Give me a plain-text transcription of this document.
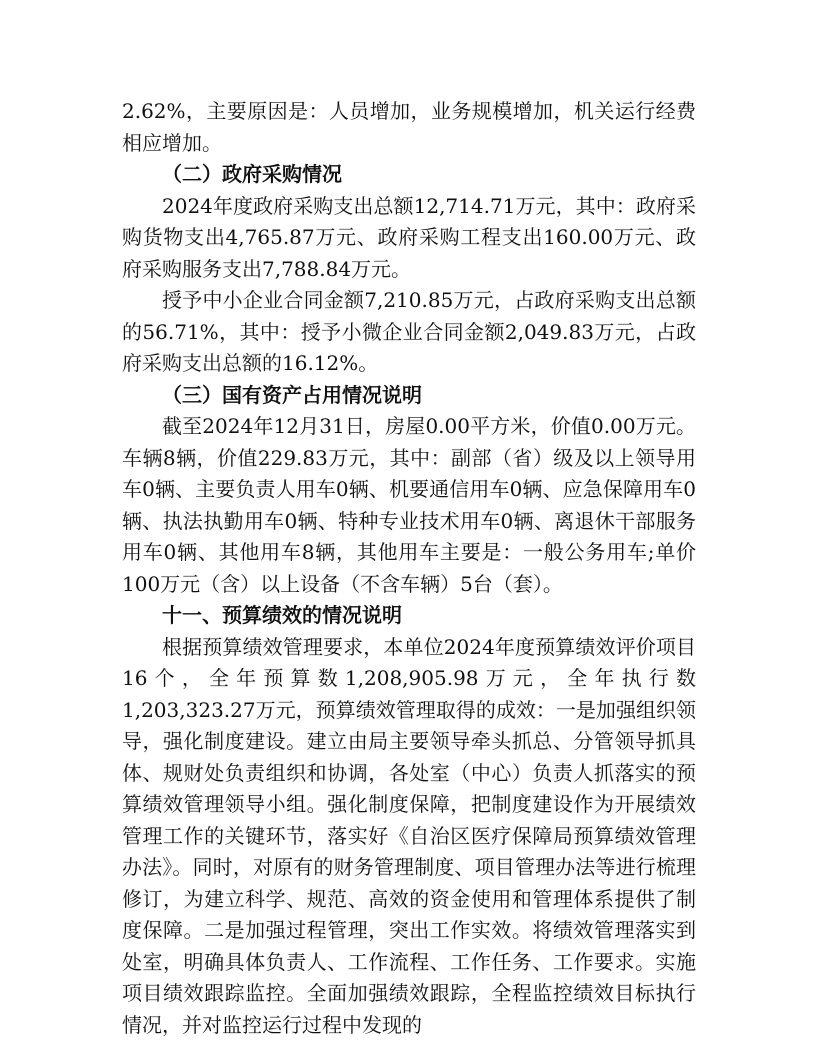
2.62%，主要原因是：人员增加，业务规模增加，机关运行经费相应增加。

（二）政府采购情况

2024年度政府采购支出总额12,714.71万元，其中：政府采购货物支出4,765.87万元、政府采购工程支出160.00万元、政府采购服务支出7,788.84万元。

授予中小企业合同金额7,210.85万元，占政府采购支出总额的56.71%，其中：授予小微企业合同金额2,049.83万元，占政府采购支出总额的16.12%。

（三）国有资产占用情况说明

截至2024年12月31日，房屋0.00平方米，价值0.00万元。车辆8辆，价值229.83万元，其中：副部（省）级及以上领导用车0辆、主要负责人用车0辆、机要通信用车0辆、应急保障用车0辆、执法执勤用车0辆、特种专业技术用车0辆、离退休干部服务用车0辆、其他用车8辆，其他用车主要是：一般公务用车;单价100万元（含）以上设备（不含车辆）5台（套）。

十一、预算绩效的情况说明

根据预算绩效管理要求，本单位2024年度预算绩效评价项目16个，全年预算数1,208,905.98万元，全年执行数1,203,323.27万元，预算绩效管理取得的成效：一是加强组织领导，强化制度建设。建立由局主要领导牵头抓总、分管领导抓具体、规财处负责组织和协调，各处室（中心）负责人抓落实的预算绩效管理领导小组。强化制度保障，把制度建设作为开展绩效管理工作的关键环节，落实好《自治区医疗保障局预算绩效管理办法》。同时，对原有的财务管理制度、项目管理办法等进行梳理修订，为建立科学、规范、高效的资金使用和管理体系提供了制度保障。二是加强过程管理，突出工作实效。将绩效管理落实到处室，明确具体负责人、工作流程、工作任务、工作要求。实施项目绩效跟踪监控。全面加强绩效跟踪，全程监控绩效目标执行情况，并对监控运行过程中发现的
